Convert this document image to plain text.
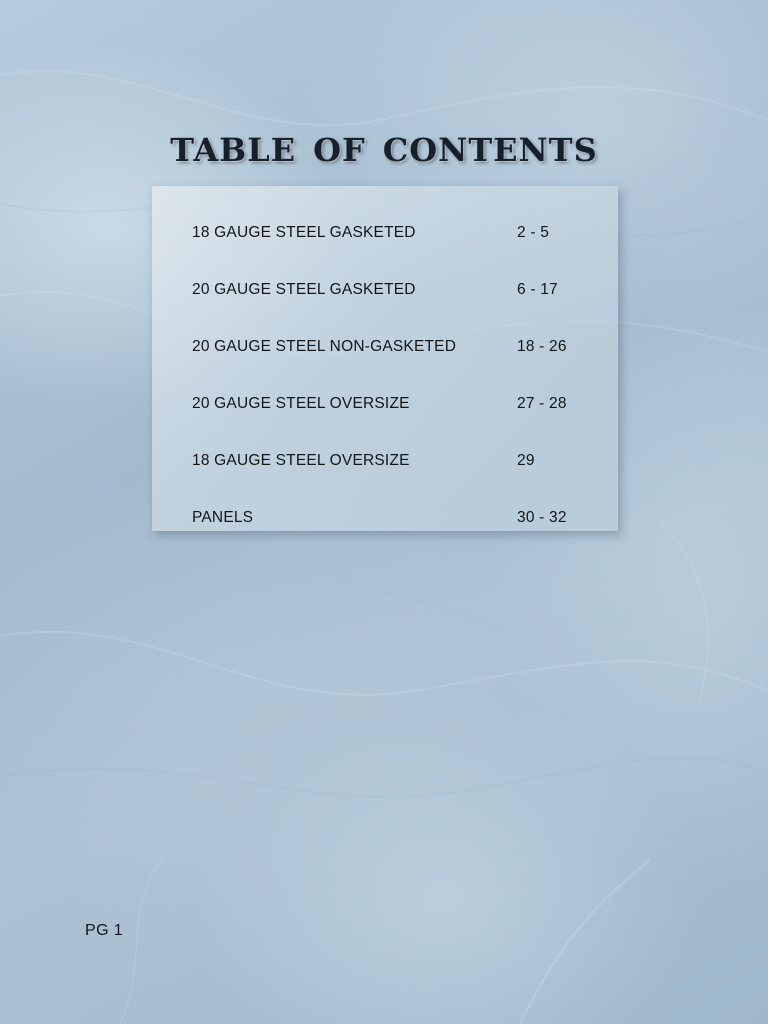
table of contents
18 GAUGE STEEL GASKETED	2 - 5
20 GAUGE STEEL GASKETED	6 - 17
20 GAUGE STEEL NON-GASKETED	18 - 26
20 GAUGE STEEL OVERSIZE	27 - 28
18 GAUGE STEEL OVERSIZE	29
PANELS	30 - 32
PG 1
